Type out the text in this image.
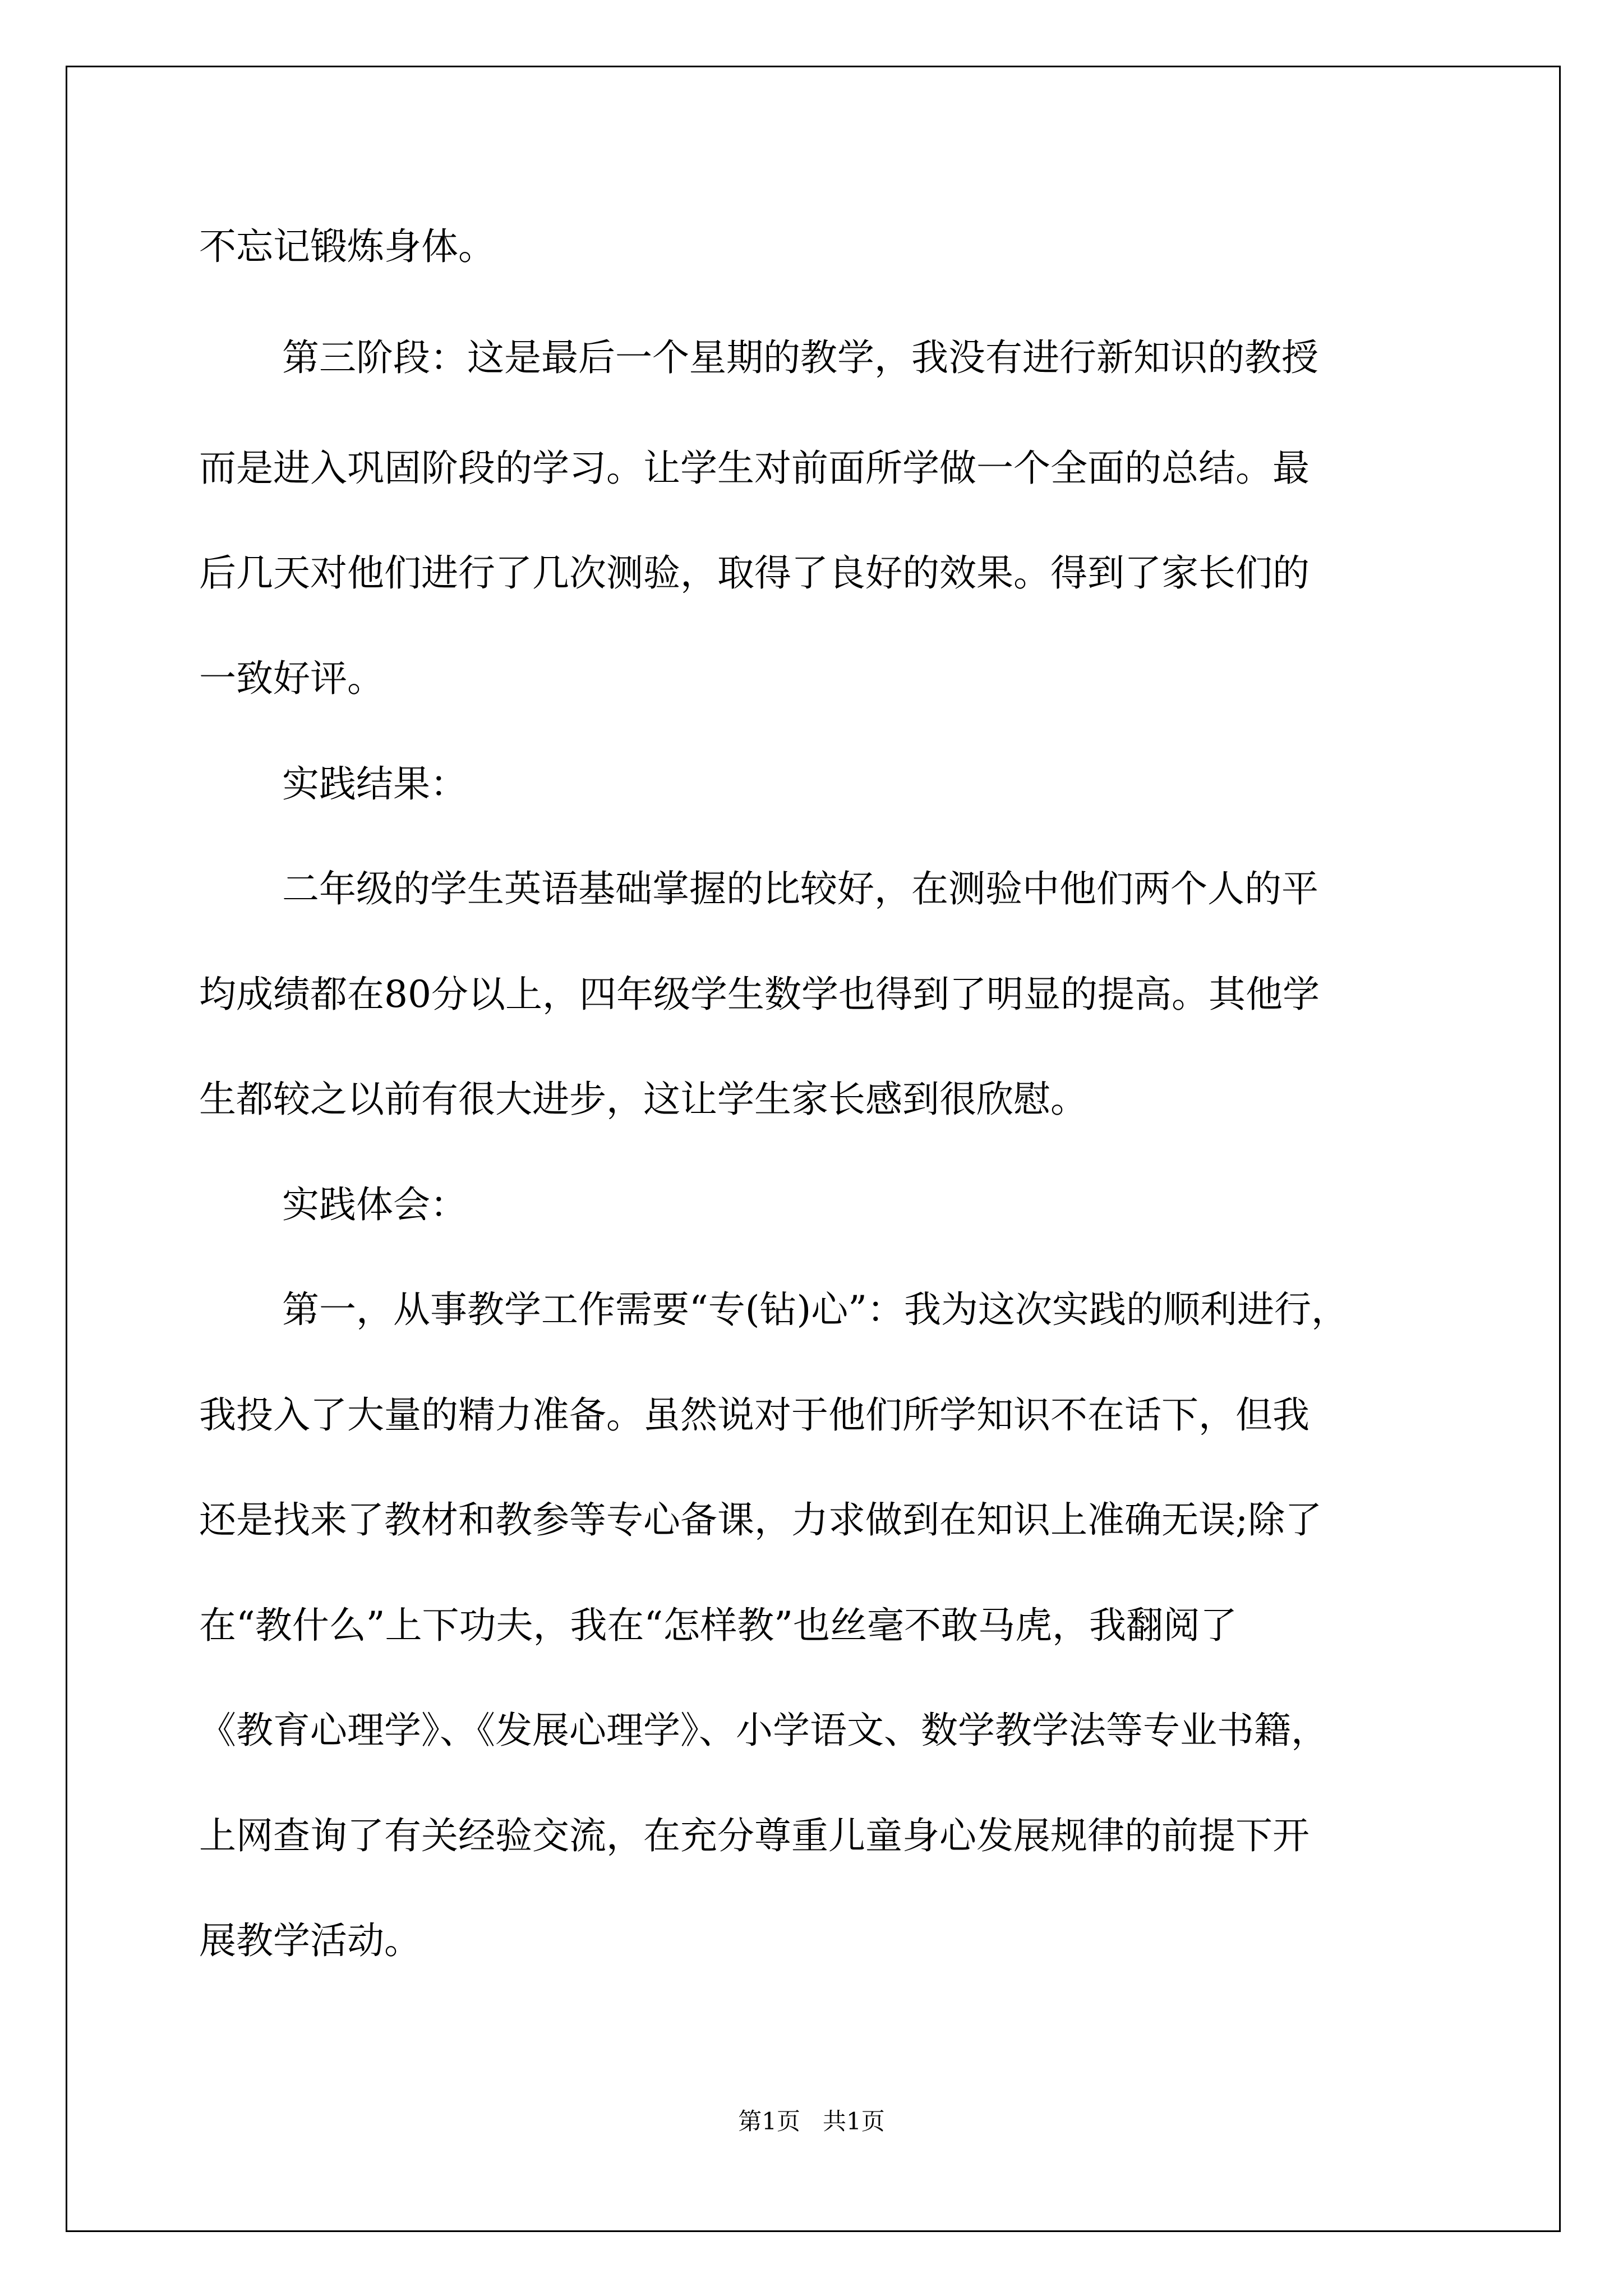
不忘记锻炼身体。

第三阶段：这是最后一个星期的教学，我没有进行新知识的教授

而是进入巩固阶段的学习。让学生对前面所学做一个全面的总结。最

后几天对他们进行了几次测验，取得了良好的效果。得到了家长们的

一致好评。

实践结果：

二年级的学生英语基础掌握的比较好，在测验中他们两个人的平

均成绩都在80分以上，四年级学生数学也得到了明显的提高。其他学

生都较之以前有很大进步，这让学生家长感到很欣慰。

实践体会：

第一，从事教学工作需要“专(钻)心”：我为这次实践的顺利进行，

我投入了大量的精力准备。虽然说对于他们所学知识不在话下，但我

还是找来了教材和教参等专心备课，力求做到在知识上准确无误;除了

在“教什么”上下功夫，我在“怎样教”也丝毫不敢马虎，我翻阅了

《教育心理学》、《发展心理学》、小学语文、数学教学法等专业书籍，

上网查询了有关经验交流，在充分尊重儿童身心发展规律的前提下开

展教学活动。

第1页   共1页
